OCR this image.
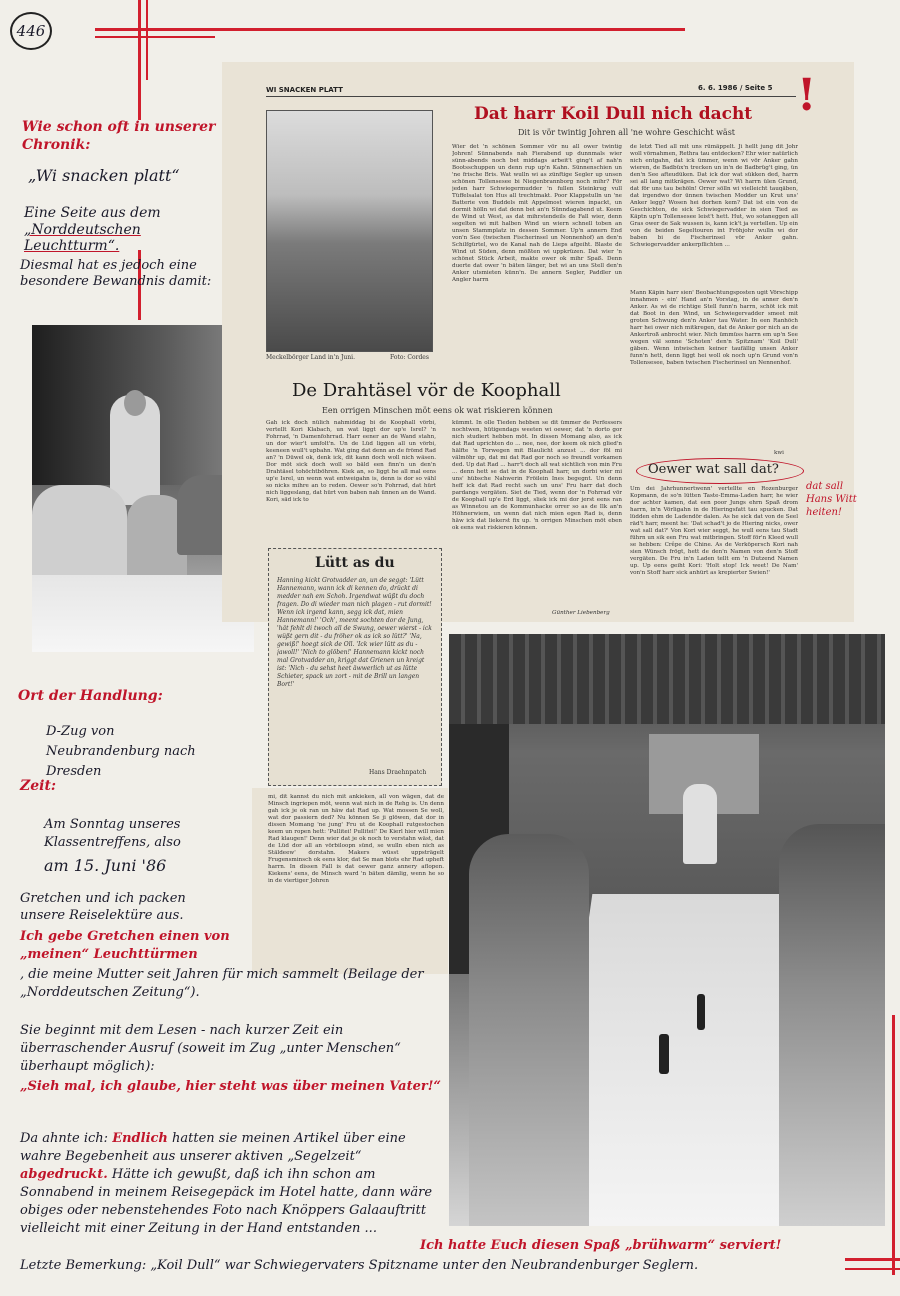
446
Wie schon oft in unserer Chronik:
„Wi snacken platt“
Eine Seite aus dem
„Norddeutschen Leuchtturm“.
Diesmal hat es jedoch eine besondere Bewandnis damit:
WI SNACKEN PLATT	6. 6. 1986 / Seite 5
Meckelbörger Land in'n Juni.	Foto: Cordes
Dat harr Koil Dull nich dacht !
Dit is vör twintig Johren all 'ne wohre Geschicht wäst
Wier det 'n schönen Sommer vör nu all ower twintig Johren! Sünnabends nah Fierabend up dunnmals wier sünn-abends noch bet middags arbeit't ging't af nah'n Bootsschuppen un denn rup up'n Kahn. Sünnenschien un 'ne frische Bris. Wat wulln wi as zünftige Segler up unsen schönen Tollensesee bi Niegenbrannborg noch mihr? För jeden harr Schwiegermudder 'n fullen Steinkrug vull Tüffelsalat ton Hus all trechtmakt. Poor Klappstulln un 'ne Batterie von Buddels mit Appelmost wieren inpackt, un dormit hölln wi dat denn bet an'n Sünndagabend ut. Keem de Wind ut West, as dat mihrstendeils de Fall wier, denn segelten wi mit halben Wind un wiern schnell toben an unsen Stammplatz in dessen Sommer. Up'n annern End von'n See (twischen Fischerinsel un Nonnenhof) an den'n Schilfgürtel, wo de Kanal nah de Lieps afgeiht. Blaste de Wind ut Süden, denn mößten wi uppkrüzen. Dat wier 'n schönet Stück Arbeit, makte ower ok mihr Spaß. Denn duerte dat ower 'n bäten länger, bet wi an uns Stell den'n Anker utsmieten künn'n. De annern Segler, Paddler un Angler harrn
de letzt Tied all mit uns rümäppelt. Ji hellt jung dit Johr woll vörnahmen, Rethra tau entdecken? Ehr wier natürlich nich entgahn, dat ick ümmer, wenn wi vör Anker gahn wieren, de Badbüx'n trecken un in'n de Badbrüg't ging, ün den'n See afteudüken. Dat ick dor wat sükken ded, harrn sei all lang mitkrägen. Oewer wat? Wi harrn ülen Grund, dat för uns tau behöln! Orrer sölln wi vielleicht tauqäben, dat irgendwo dor ünnen twischen Modder un Krut uns' Anker legg? Wosen hei dorhen kem? Dat ist ein von de Geschichten, de sick Schwiegervadder in sien Tied as Käptn up'n Tollensesee leist't hett. Hut, wo sotaneggen all Gras ower de Sak wussen is, kann ick't ja vertellen. Up ein von de beiden Segeltouren int Fröhjohr wulln wi dor baben bi de Fischerinsel vör Anker gahn. Schwiegervadder ankerpflichten ...
Mann Käpin harr sien' Beobachtungsposten ugit Vörschipp innahmen - ein' Hand an'n Vorstag, in de anner den'n Anker. As wi de richtige Stell funn'n harrn, schöt ick mit dat Boot in den Wind, un Schwiegervadder smeet mit groten Schwung den'n Anker tau Water. In een Ranhöch harr hei ower nich mitkregen, dat de Anker gor nich an de Ankertroß anbrocht wier. Nich ümmüss harrn em up'n See wegen väl sonne 'Schoten' den'n Spitznam' 'Koil Dull' gäben. Wenn intwischen keiner taufällig unsen Anker funn'n hett, denn liggt hei woll ok noch up'n Grund von'n Tollensesee, baben twischen Fischerinsel un Nennenhof.
Oewer wat sall dat?
kwi
Um dei Jahrhunnertwenn' vertellte en Rozenburger Kopmann, de so'n lütten Taste-Emma-Laden harr, he wier dor achter kamen, dat een poor Jungs ehrn Spaß drom harrn, in'n Vörligahn in de Hieringsfatt tau spucken. Dat lüdden ehm de Ladendör dalen. As he sick dat von de Seel räd't harr, meent he: 'Dat schad't jo de Hiering nicks, ower wat sall dat?' Von Kori wier seggt, he wull eens tau Stadt führn un sik een Fru wat mitbringen. Stoff för'n Kleed wull se hebben: Crêpe de Chine. As de Verköpersch Kori nah sien Wünsch frögt, hett de den'n Namen von den'n Stoff vergäten. De Fru in'n Laden tellt em 'n Dutzend Namen up. Up eens geiht Kori: 'Holt stop! Ick weet! De Nam' von'n Stoff harr sick anhürt as krepierter Swien!'
dat sall Hans Witt heiten!
De Drahtäsel vör de Koophall
Een orrigen Minschen möt eens ok wat riskieren können
Gah ick doch nülich nahmiddag bi de Koophall vörbi, vertellt Kori Klabach, un wat liggt dor up'e Isrel? 'n Fohrrad, 'n Damenfohrrad. Harr eener an de Wand stahn, un dor wier't umfolt'n. Un de Lüd liggen all un vörbi, keeneen wull't upbahn. Wat ging dat denn an de frömd Rad an? 'n Düwel ok, denk ick, dit kann doch woll nich wäsen. Dor möt sick doch woll so bäld een finn'n un den'n Drahtäsel tohöchtböhren. Kiek an, so liggt he all mal eens up'e Isrel, un wenn wat entweigahn is, denn is dor so vähl so nicks mihre an to reden. Oewer so'n Fohrrad, dat hürt nich liggeslang, dat hürt von baben nah ünnen an de Wand. Kori, säd ick to
kümmt. In olle Tieden hebben se dit ümmer de Perfessers nochtwen, hütigendags weeten wi oewer, dat 'n dorto gor nich studiert hebben möt. In dissen Momang also, as ick dat Rad uprichten do ... nee, nee, dor keem ok nich glied'n hälfte 'n Torwegen mit Blaulicht anzust ... dor föl mi välmöhr up, dat mi dat Rad gor noch so freundl vorkamen ded. Up dat Rad ... harr't doch all wat sichtlich von min Fru ... denn hett se dat in de Koophall harr, un dorbi wier mi uns' hübsche Nahwerin Fröilein Ines begegnt. Un denn heff ick dat Rad recht sach un uns' Fru harr dat doch pardangs vergäten. Siet de Tied, wenn dor 'n Fohrrad vör de Koophall up'e Erd liggt, sliek ick mi dor jerst eens ran as Winnetou an de Kommunhacke orrer so as de Ilk an'n Höhnerwiem, un wenn dat nich mien egen Rad is, denn häw ick dat liekerst fix up. 'n orrigen Minschen möt eben ok eens wat riskieren können.
Günther Liebenberg
Lütt as du
Hanning kickt Grotvadder an, un de seggt: 'Lütt Hannemann, wann ick di kennen do, drückt di medder nah em Schoh. Irgendwat wüßt du doch fragen. Do di wieder man nich plagen - rut dormit! Wenn ick irgend kann, segg ick dat, mien Hannemann!' 'Och', meent sochten dor de Jung, 'hät fehlt di twoch all de Swung, oewer wierst - ick wüßt gern dit - du fröher ok as ick so lütt?' 'Na, gewiß!' hoegt sick de Oll. 'Ick wier lütt as du - jawoll!' 'Nich to glöben!' Hannemann kickt noch mal Grotvadder an, kriggt dat Grienen un kreigt ist: 'Nich - du sehst heet äwwerlich ut as lütte Schieter, spack un zort - mit de Brill un langen Bort!'
Hans Draehnpatch
mi, dit kannst du nich mit ankieken, all von wägen, dat de Minsch ingriepen möt, wenn wat nich in de Rehg is. Un denn gah ick je ok ran un häw dat Rad up. Wat mossen Se woll, wat dor passiern ded? Nu können Se ji glöwen, dat dor in dissen Momang 'ne jung' Fru ut de Koophall rutgestochen keem un ropen hett: 'Pullitei! Pullitei!' De Kierl hier will mien Rad klaugen!' Denn wier dat je ok noch to verstahn wäst, dat de Lüd dor all an vörbiloopn sünd, se wulln eben nich as Stäldeew' dorstahn. Makers wüsst uppsträgelt Frugensminsch ok eens klor, dat Se man blots ehr Rad upheft harrn. In dissen Fall is dat oewer ganz annery aflopen. Kiekens' eens, de Minsch ward 'n bäten dämlig, wenn he so in de viertiger Johren
Ort der Handlung:
D-Zug von Neubrandenburg nach Dresden
Zeit:
Am Sonntag unseres Klassentreffens, also
am 15. Juni '86
Gretchen und ich packen unsere Reiselektüre aus.
Ich gebe Gretchen einen von „meinen“ Leuchttürmen
, die meine Mutter seit Jahren für mich sammelt (Beilage der „Norddeutschen Zeitung“).
Sie beginnt mit dem Lesen - nach kurzer Zeit ein überraschender Ausruf (soweit im Zug „unter Menschen“ überhaupt möglich):
„Sieh mal, ich glaube, hier steht was über meinen Vater!“
Da ahnte ich: Endlich hatten sie meinen Artikel über eine wahre Begebenheit aus unserer aktiven „Segelzeit“ abgedruckt. Hätte ich gewußt, daß ich ihn schon am Sonnabend in meinem Reisegepäck im Hotel hatte, dann wäre obiges oder nebenstehendes Foto nach Knöppers Galaauftritt vielleicht mit einer Zeitung in der Hand entstanden ...
Ich hatte Euch diesen Spaß „brühwarm“ serviert!
Letzte Bemerkung: „Koil Dull“ war Schwiegervaters Spitzname unter den Neubrandenburger Seglern.
